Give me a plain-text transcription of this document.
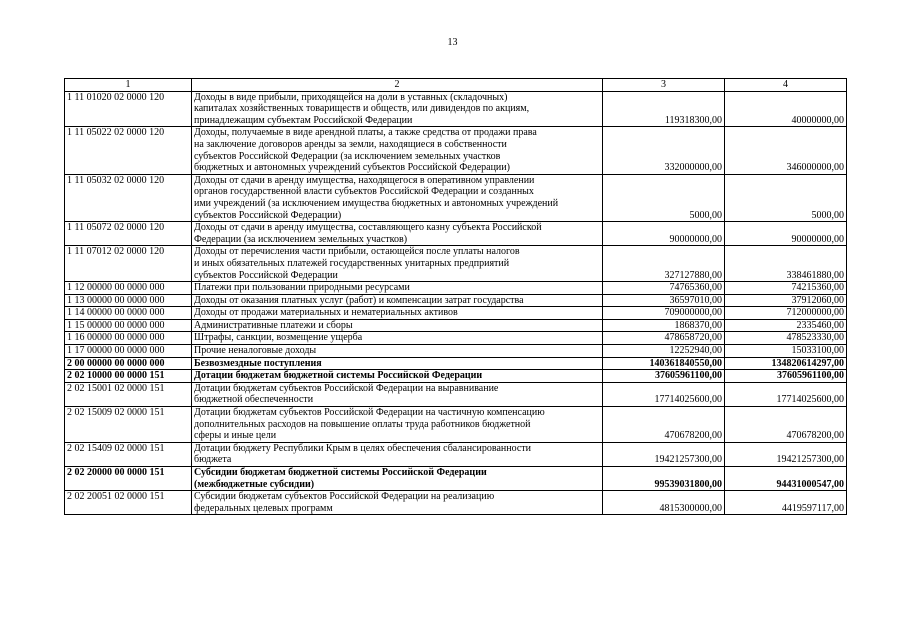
13
1	2	3	4
1 11 01020 02 0000 120	Доходы в виде прибыли, приходящейся на доли в уставных (складочных)
капиталах хозяйственных товариществ и обществ, или дивидендов по акциям,
принадлежащим субъектам Российской Федерации	119318300,00	40000000,00
1 11 05022 02 0000 120	Доходы, получаемые в виде арендной платы, а также средства от продажи права
на заключение договоров аренды за земли, находящиеся в собственности
субъектов Российской Федерации (за исключением земельных участков
бюджетных и автономных учреждений субъектов Российской Федерации)	332000000,00	346000000,00
1 11 05032 02 0000 120	Доходы от сдачи в аренду имущества, находящегося в оперативном управлении
органов государственной власти субъектов Российской Федерации и созданных
ими учреждений (за исключением имущества бюджетных и автономных учреждений
субъектов Российской Федерации)	5000,00	5000,00
1 11 05072 02 0000 120	Доходы от сдачи в аренду имущества, составляющего казну субъекта Российской
Федерации (за исключением земельных участков)	90000000,00	90000000,00
1 11 07012 02 0000 120	Доходы от перечисления части прибыли, остающейся после уплаты налогов
и иных обязательных платежей государственных унитарных предприятий
субъектов Российской Федерации	327127880,00	338461880,00
1 12 00000 00 0000 000	Платежи при пользовании природными ресурсами	74765360,00	74215360,00
1 13 00000 00 0000 000	Доходы от оказания платных услуг (работ) и компенсации затрат государства	36597010,00	37912060,00
1 14 00000 00 0000 000	Доходы от продажи материальных и нематериальных активов	709000000,00	712000000,00
1 15 00000 00 0000 000	Административные платежи и сборы	1868370,00	2335460,00
1 16 00000 00 0000 000	Штрафы, санкции, возмещение ущерба	478658720,00	478523330,00
1 17 00000 00 0000 000	Прочие неналоговые доходы	12252940,00	15033100,00
2 00 00000 00 0000 000	Безвозмездные поступления	140361840550,00	134820614297,00
2 02 10000 00 0000 151	Дотации бюджетам бюджетной системы Российской Федерации	37605961100,00	37605961100,00
2 02 15001 02 0000 151	Дотации бюджетам субъектов Российской Федерации на выравнивание
бюджетной обеспеченности	17714025600,00	17714025600,00
2 02 15009 02 0000 151	Дотации бюджетам субъектов Российской Федерации на частичную компенсацию
дополнительных расходов на повышение оплаты труда работников бюджетной
сферы и иные цели	470678200,00	470678200,00
2 02 15409 02 0000 151	Дотации бюджету Республики Крым в целях обеспечения сбалансированности
бюджета	19421257300,00	19421257300,00
2 02 20000 00 0000 151	Субсидии бюджетам бюджетной системы Российской Федерации
(межбюджетные субсидии)	99539031800,00	94431000547,00
2 02 20051 02 0000 151	Субсидии бюджетам субъектов Российской Федерации на реализацию
федеральных целевых программ	4815300000,00	4419597117,00
